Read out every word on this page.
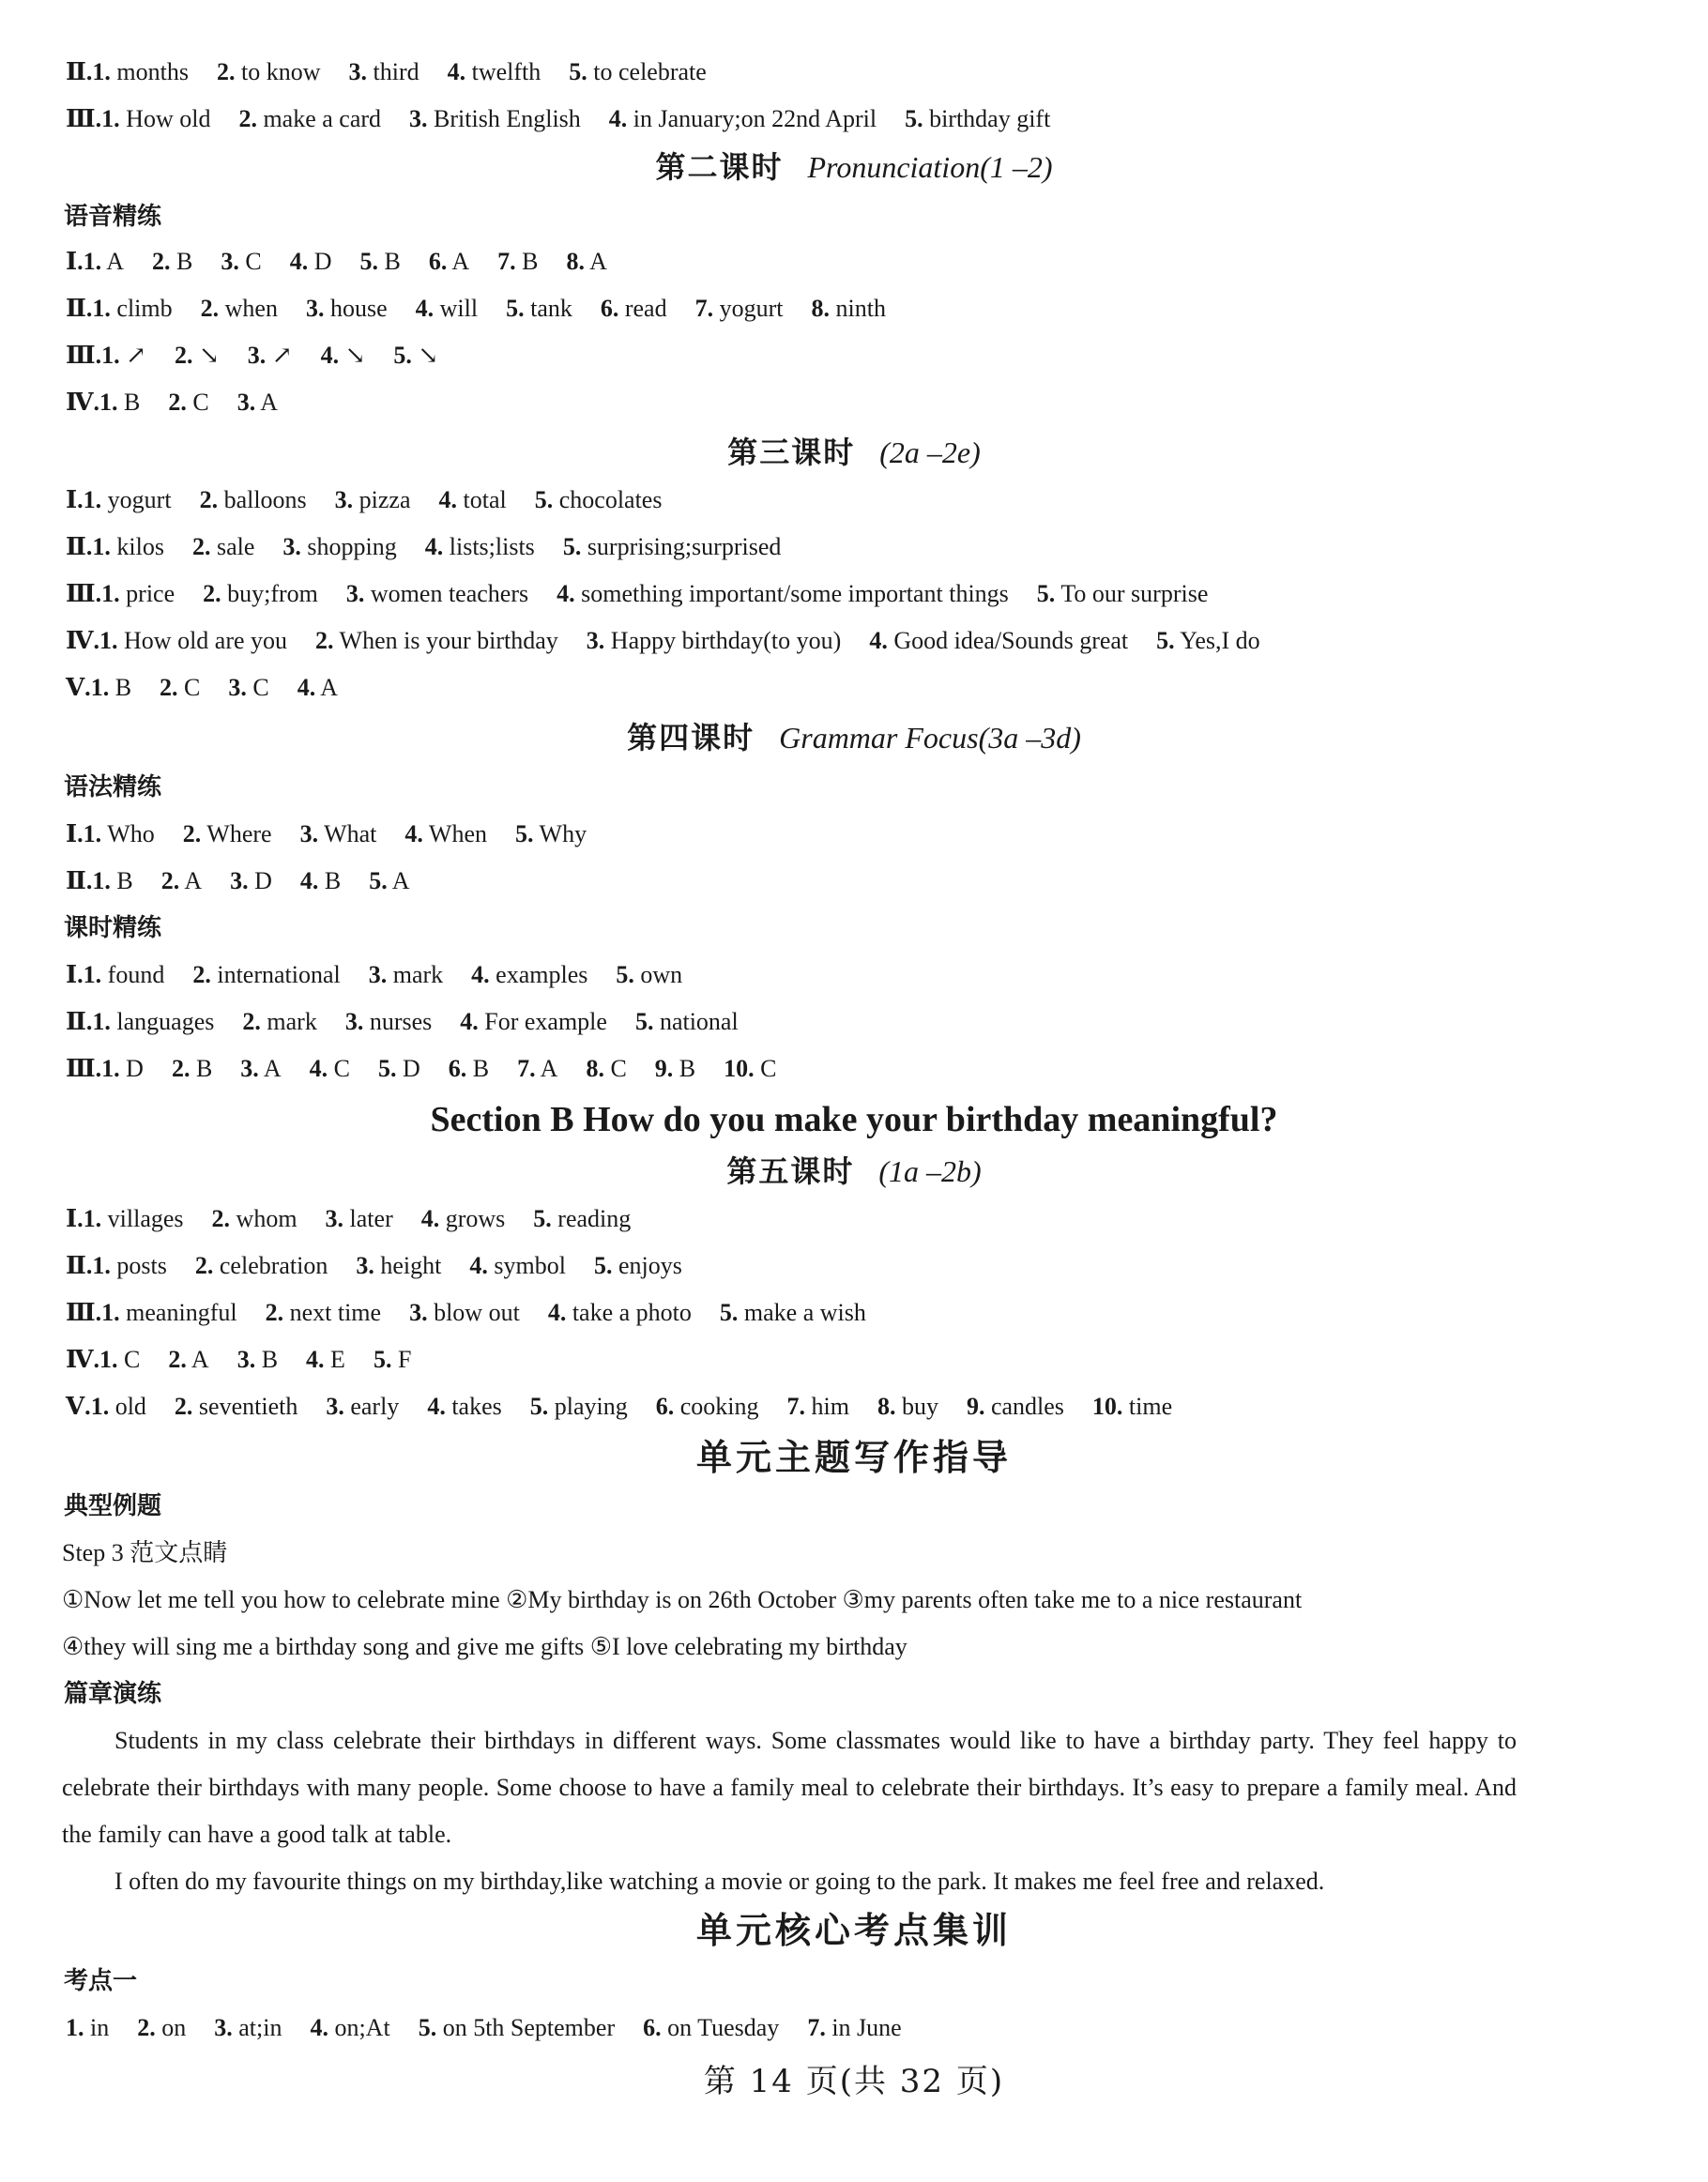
Ⅱ.1. months 2. to know 3. third 4. twelfth 5. to celebrate
Ⅲ.1. How old 2. make a card 3. British English 4. in January;on 22nd April 5. birthday gift
第二课时 Pronunciation(1 –2)
语音精练
Ⅰ.1. A 2. B 3. C 4. D 5. B 6. A 7. B 8. A
Ⅱ.1. climb 2. when 3. house 4. will 5. tank 6. read 7. yogurt 8. ninth
Ⅲ.1. ↗ 2. ↘ 3. ↗ 4. ↘ 5. ↘
Ⅳ.1. B 2. C 3. A
第三课时 (2a –2e)
Ⅰ.1. yogurt 2. balloons 3. pizza 4. total 5. chocolates
Ⅱ.1. kilos 2. sale 3. shopping 4. lists;lists 5. surprising;surprised
Ⅲ.1. price 2. buy;from 3. women teachers 4. something important/some important things 5. To our surprise
Ⅳ.1. How old are you 2. When is your birthday 3. Happy birthday(to you) 4. Good idea/Sounds great 5. Yes,I do
Ⅴ.1. B 2. C 3. C 4. A
第四课时 Grammar Focus(3a –3d)
语法精练
Ⅰ.1. Who 2. Where 3. What 4. When 5. Why
Ⅱ.1. B 2. A 3. D 4. B 5. A
课时精练
Ⅰ.1. found 2. international 3. mark 4. examples 5. own
Ⅱ.1. languages 2. mark 3. nurses 4. For example 5. national
Ⅲ.1. D 2. B 3. A 4. C 5. D 6. B 7. A 8. C 9. B 10. C
Section B How do you make your birthday meaningful?
第五课时 (1a –2b)
Ⅰ.1. villages 2. whom 3. later 4. grows 5. reading
Ⅱ.1. posts 2. celebration 3. height 4. symbol 5. enjoys
Ⅲ.1. meaningful 2. next time 3. blow out 4. take a photo 5. make a wish
Ⅳ.1. C 2. A 3. B 4. E 5. F
Ⅴ.1. old 2. seventieth 3. early 4. takes 5. playing 6. cooking 7. him 8. buy 9. candles 10. time
单元主题写作指导
典型例题
Step 3 范文点睛
①Now let me tell you how to celebrate mine ②My birthday is on 26th October ③my parents often take me to a nice restaurant
④they will sing me a birthday song and give me gifts ⑤I love celebrating my birthday
篇章演练

Students in my class celebrate their birthdays in different ways. Some classmates would like to have a birthday party. They feel happy to celebrate their birthdays with many people. Some choose to have a family meal to celebrate their birthdays. It’s easy to prepare a family meal. And the family can have a good talk at table.

I often do my favourite things on my birthday,like watching a movie or going to the park. It makes me feel free and relaxed.

单元核心考点集训
考点一
1. in 2. on 3. at;in 4. on;At 5. on 5th September 6. on Tuesday 7. in June
第 14 页(共 32 页)
